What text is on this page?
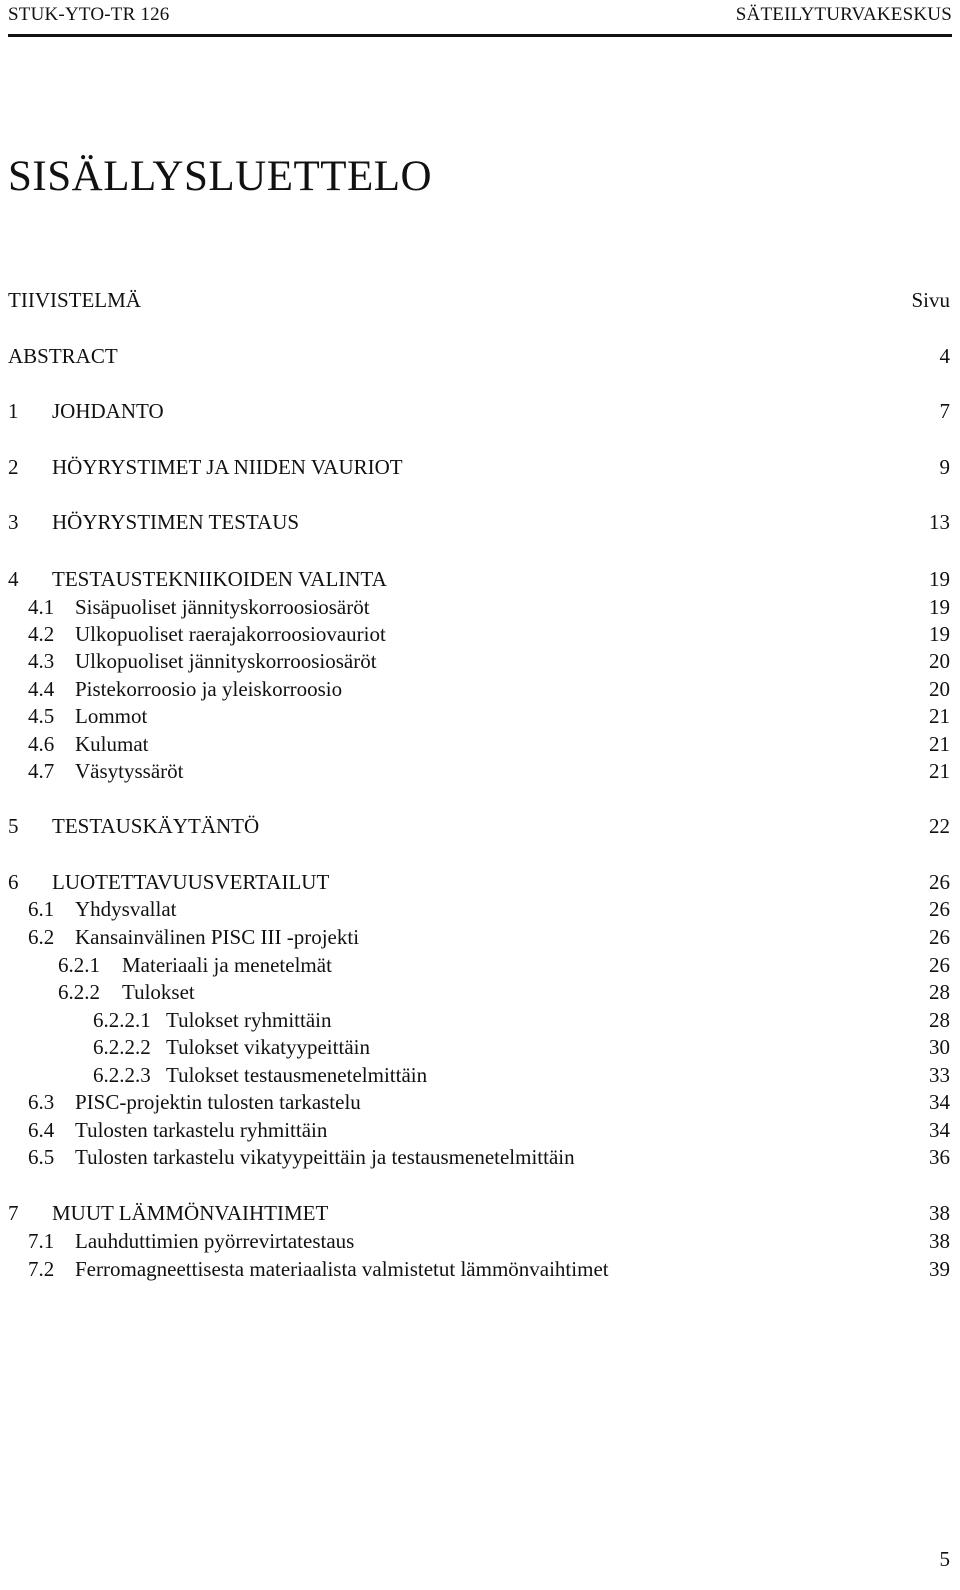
STUK-YTO-TR 126	SÄTEILYTURVAKESKUS
SISÄLLYSLUETTELO
TIIVISTELMÄ	Sivu
ABSTRACT	4
1 JOHDANTO	7
2 HÖYRYSTIMET JA NIIDEN VAURIOT	9
3 HÖYRYSTIMEN TESTAUS	13
4 TESTAUSTEKNIIKOIDEN VALINTA	19
4.1 Sisäpuoliset jännityskorroosiosäröt	19
4.2 Ulkopuoliset raerajakorroosiovauriot	19
4.3 Ulkopuoliset jännityskorroosiosäröt	20
4.4 Pistekorroosio ja yleiskorroosio	20
4.5 Lommot	21
4.6 Kulumat	21
4.7 Väsytyssäröt	21
5 TESTAUSKÄYTÄNTÖ	22
6 LUOTETTAVUUSVERTAILUT	26
6.1 Yhdysvallat	26
6.2 Kansainvälinen PISC III -projekti	26
6.2.1 Materiaali ja menetelmät	26
6.2.2 Tulokset	28
6.2.2.1 Tulokset ryhmittäin	28
6.2.2.2 Tulokset vikatyypeittäin	30
6.2.2.3 Tulokset testausmenetelmittäin	33
6.3 PISC-projektin tulosten tarkastelu	34
6.4 Tulosten tarkastelu ryhmittäin	34
6.5 Tulosten tarkastelu vikatyypeittäin ja testausmenetelmittäin	36
7 MUUT LÄMMÖNVAIHTIMET	38
7.1 Lauhduttimien pyörrevirtatestaus	38
7.2 Ferromagneettisesta materiaalista valmistetut lämmönvaihtimet	39
5
